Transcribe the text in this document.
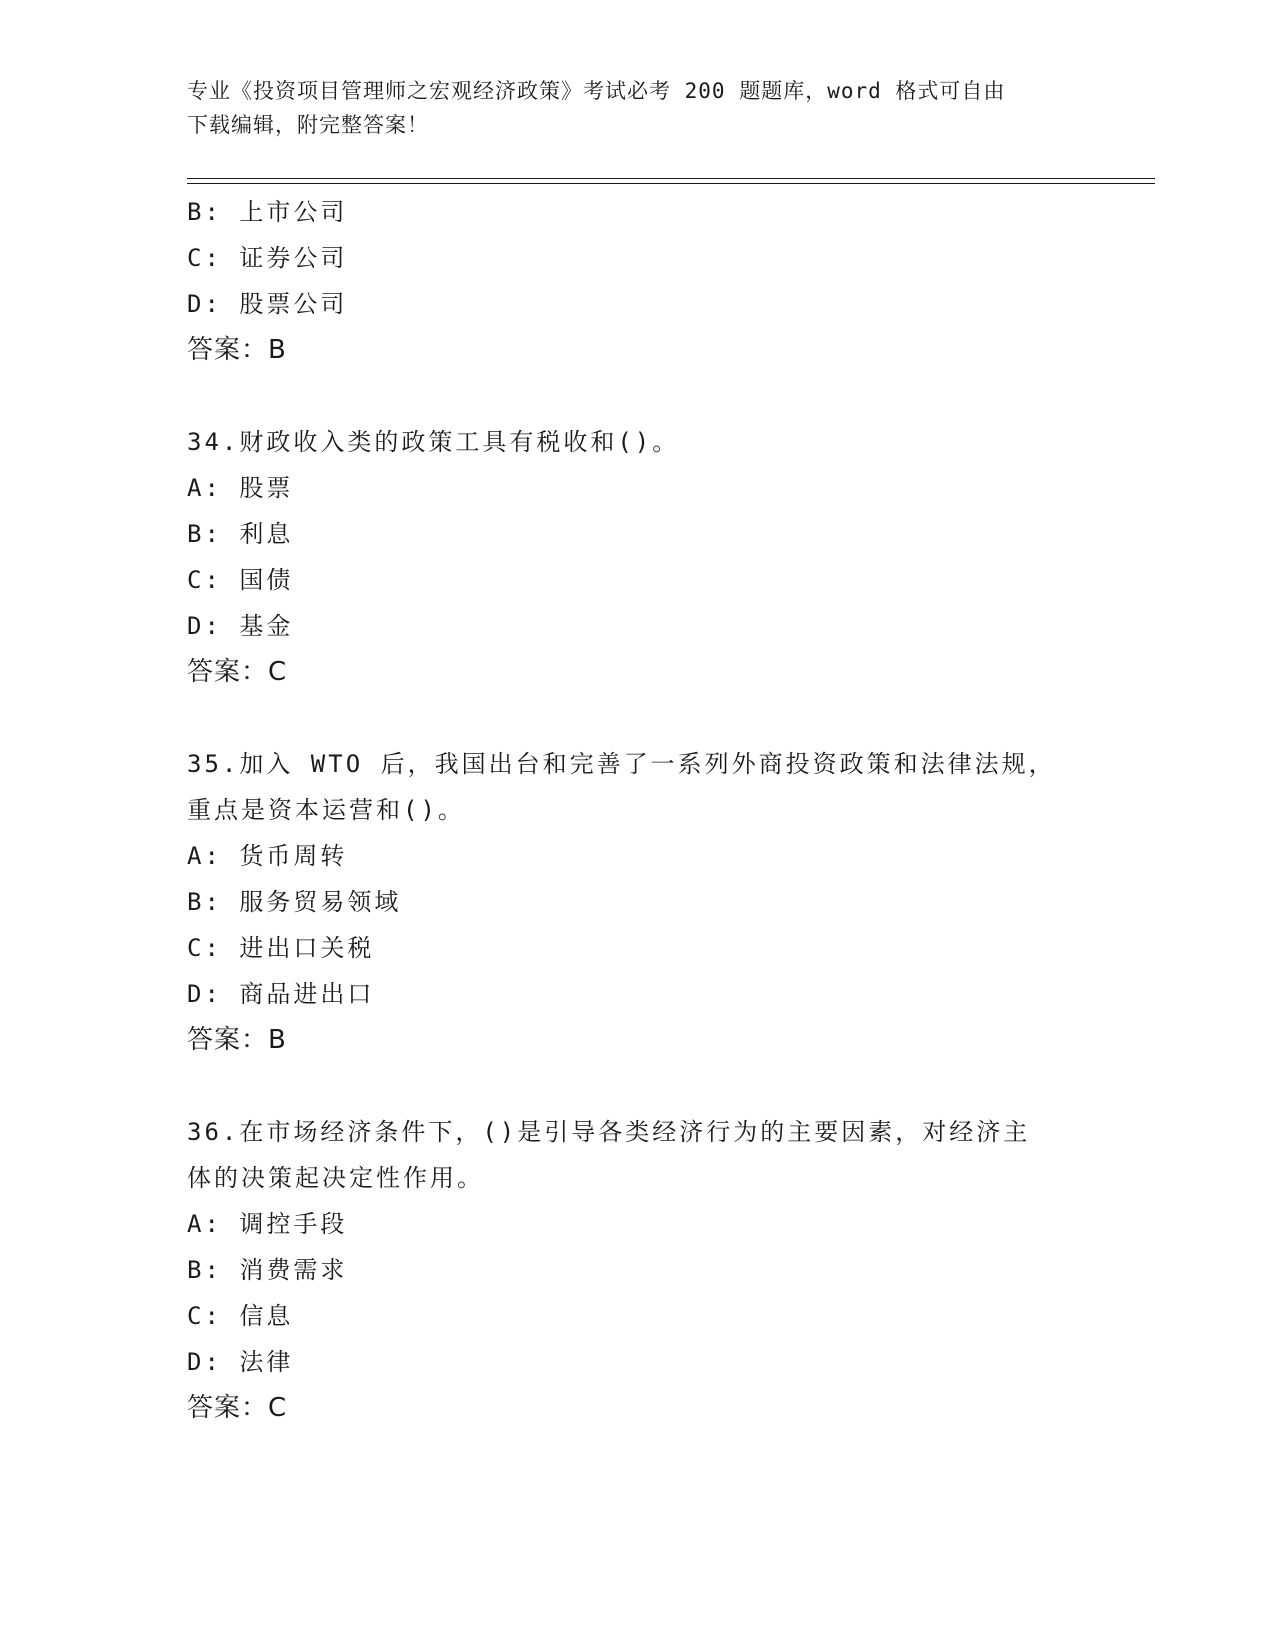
专业《投资项目管理师之宏观经济政策》考试必考 200 题题库，word 格式可自由
下载编辑，附完整答案！
B: 上市公司
C: 证券公司
D: 股票公司
答案：B
34.财政收入类的政策工具有税收和()。
A: 股票
B: 利息
C: 国债
D: 基金
答案：C
35.加入 WTO 后，我国出台和完善了一系列外商投资政策和法律法规，
重点是资本运营和()。
A: 货币周转
B: 服务贸易领域
C: 进出口关税
D: 商品进出口
答案：B
36.在市场经济条件下，()是引导各类经济行为的主要因素，对经济主
体的决策起决定性作用。
A: 调控手段
B: 消费需求
C: 信息
D: 法律
答案：C
